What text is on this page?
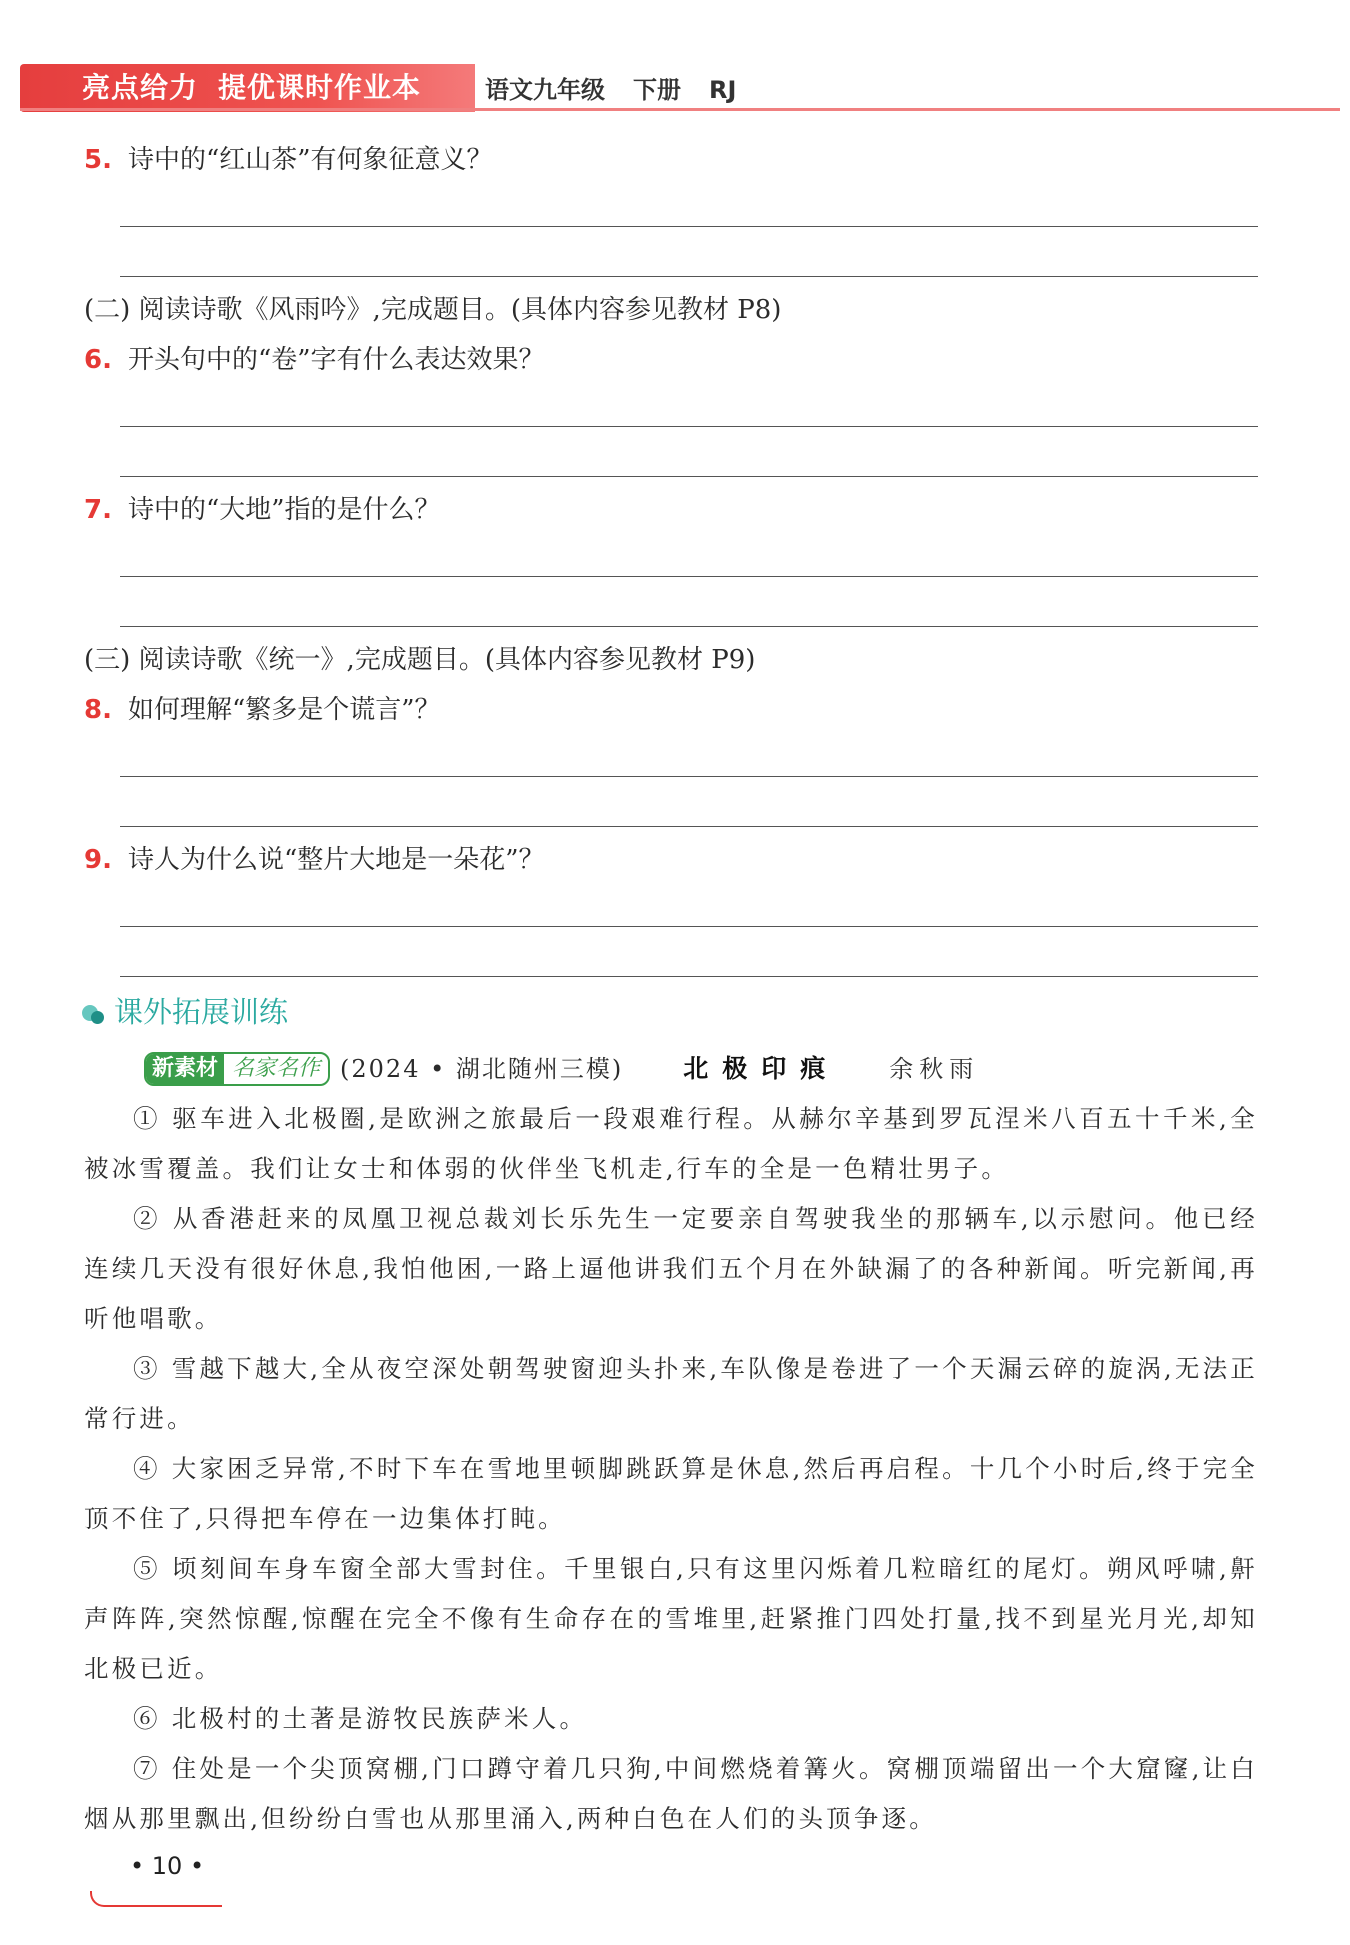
亮点给力 提优课时作业本	语文九年级 下册 RJ
5. 诗中的“红山茶”有何象征意义？
(二) 阅读诗歌《风雨吟》,完成题目。(具体内容参见教材 P8)
6. 开头句中的“卷”字有什么表达效果？
7. 诗中的“大地”指的是什么？
(三) 阅读诗歌《统一》,完成题目。(具体内容参见教材 P9)
8. 如何理解“繁多是个谎言”？
9. 诗人为什么说“整片大地是一朵花”？
课外拓展训练
新素材 名家名作 (2024 • 湖北随州三模) 北极印痕 余秋雨

① 驱车进入北极圈,是欧洲之旅最后一段艰难行程。从赫尔辛基到罗瓦涅米八百五十千米,全被冰雪覆盖。我们让女士和体弱的伙伴坐飞机走,行车的全是一色精壮男子。

② 从香港赶来的凤凰卫视总裁刘长乐先生一定要亲自驾驶我坐的那辆车,以示慰问。他已经连续几天没有很好休息,我怕他困,一路上逼他讲我们五个月在外缺漏了的各种新闻。听完新闻,再听他唱歌。

③ 雪越下越大,全从夜空深处朝驾驶窗迎头扑来,车队像是卷进了一个天漏云碎的旋涡,无法正常行进。

④ 大家困乏异常,不时下车在雪地里顿脚跳跃算是休息,然后再启程。十几个小时后,终于完全顶不住了,只得把车停在一边集体打盹。

⑤ 顷刻间车身车窗全部大雪封住。千里银白,只有这里闪烁着几粒暗红的尾灯。朔风呼啸,鼾声阵阵,突然惊醒,惊醒在完全不像有生命存在的雪堆里,赶紧推门四处打量,找不到星光月光,却知北极已近。

⑥ 北极村的土著是游牧民族萨米人。

⑦ 住处是一个尖顶窝棚,门口蹲守着几只狗,中间燃烧着篝火。窝棚顶端留出一个大窟窿,让白烟从那里飘出,但纷纷白雪也从那里涌入,两种白色在人们的头顶争逐。

• 10 •
